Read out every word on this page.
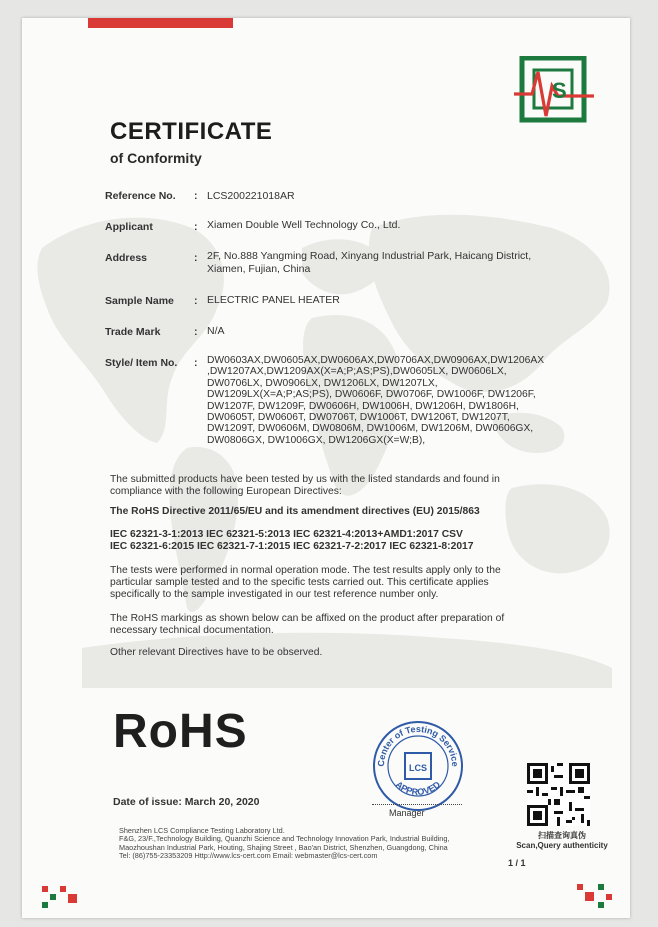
S
CERTIFICATE
of Conformity
Reference No. : LCS200221018AR
Applicant	: Xiamen Double Well Technology Co., Ltd.
Address	: 2F, No.888 Yangming Road, Xinyang Industrial Park, Haicang District,
Xiamen, Fujian, China
Sample Name : ELECTRIC PANEL HEATER
Trade Mark	: N/A
Style/ Item No. : DW0603AX,DW0605AX,DW0606AX,DW0706AX,DW0906AX,DW1206AX
,DW1207AX,DW1209AX(X=A;P;AS;PS),DW0605LX, DW0606LX,
DW0706LX, DW0906LX, DW1206LX, DW1207LX,
DW1209LX(X=A;P;AS;PS), DW0606F, DW0706F, DW1006F, DW1206F,
DW1207F, DW1209F, DW0606H, DW1006H, DW1206H, DW1806H,
DW0605T, DW0606T, DW0706T, DW1006T, DW1206T, DW1207T,
DW1209T, DW0606M, DW0806M, DW1006M, DW1206M, DW0606GX,
DW0806GX, DW1006GX, DW1206GX(X=W;B),
The submitted products have been tested by us with the listed standards and found in
compliance with the following European Directives:
The RoHS Directive 2011/65/EU and its amendment directives (EU) 2015/863
IEC 62321-3-1:2013 IEC 62321-5:2013 IEC 62321-4:2013+AMD1:2017 CSV
IEC 62321-6:2015 IEC 62321-7-1:2015 IEC 62321-7-2:2017 IEC 62321-8:2017
The tests were performed in normal operation mode. The test results apply only to the
particular sample tested and to the specific tests carried out. This certificate applies
specifically to the sample investigated in our test reference number only.
The RoHS markings as shown below can be affixed on the product after preparation of
necessary technical documentation.
Other relevant Directives have to be observed.
RoHS
LCS
Center of Testing Service
APPROVED
Manager
扫描查询真伪
Scan,Query authenticity
Date of issue: March 20, 2020
Shenzhen LCS Compliance Testing Laboratory Ltd.
F&G, 23/F.,Technology Building, Quanzhi Science and Technology Innovation Park, Industrial Building,
Maozhoushan Industrial Park, Houting, Shajing Street , Bao'an District, Shenzhen, Guangdong, China
Tel: (86)755-23353209 Http://www.lcs-cert.com Email: webmaster@lcs-cert.com
1 / 1
